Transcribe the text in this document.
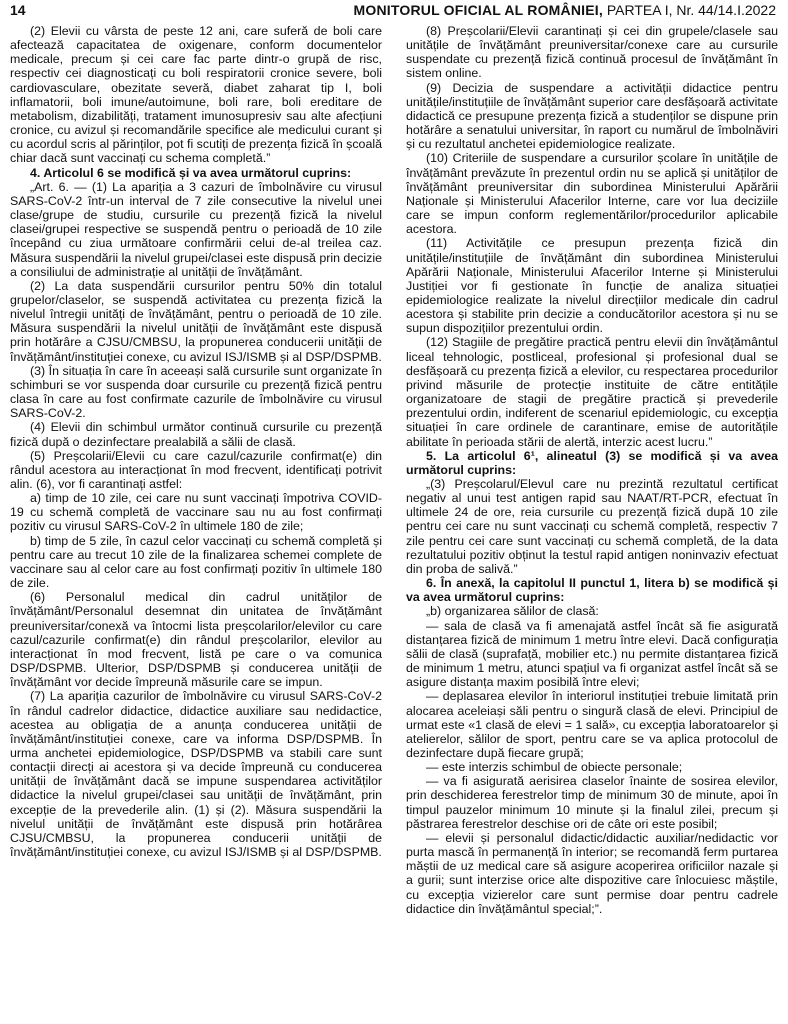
14	MONITORUL OFICIAL AL ROMÂNIEI, PARTEA I, Nr. 44/14.I.2022

(2) Elevii cu vârsta de peste 12 ani, care suferă de boli care afectează capacitatea de oxigenare, conform documentelor medicale, precum și cei care fac parte dintr-o grupă de risc, respectiv cei diagnosticați cu boli respiratorii cronice severe, boli cardiovasculare, obezitate severă, diabet zaharat tip I, boli inflamatorii, boli imune/autoimune, boli rare, boli ereditare de metabolism, dizabilități, tratament imunosupresiv sau alte afecțiuni cronice, cu avizul și recomandările specifice ale medicului curant și cu acordul scris al părinților, pot fi scutiți de prezența fizică în școală chiar dacă sunt vaccinați cu schema completă.”

4. Articolul 6 se modifică și va avea următorul cuprins:

„Art. 6. — (1) La apariția a 3 cazuri de îmbolnăvire cu virusul SARS-CoV-2 într-un interval de 7 zile consecutive la nivelul unei clase/grupe de studiu, cursurile cu prezență fizică la nivelul clasei/grupei respective se suspendă pentru o perioadă de 10 zile începând cu ziua următoare confirmării celui de-al treilea caz. Măsura suspendării la nivelul grupei/clasei este dispusă prin decizie a consiliului de administrație al unității de învățământ.

(2) La data suspendării cursurilor pentru 50% din totalul grupelor/claselor, se suspendă activitatea cu prezența fizică la nivelul întregii unități de învățământ, pentru o perioadă de 10 zile. Măsura suspendării la nivelul unității de învățământ este dispusă prin hotărâre a CJSU/CMBSU, la propunerea conducerii unității de învățământ/instituției conexe, cu avizul ISJ/ISMB și al DSP/DSPMB.

(3) În situația în care în aceeași sală cursurile sunt organizate în schimburi se vor suspenda doar cursurile cu prezență fizică pentru clasa în care au fost confirmate cazurile de îmbolnăvire cu virusul SARS-CoV-2.

(4) Elevii din schimbul următor continuă cursurile cu prezență fizică după o dezinfectare prealabilă a sălii de clasă.

(5) Preșcolarii/Elevii cu care cazul/cazurile confirmat(e) din rândul acestora au interacționat în mod frecvent, identificați potrivit alin. (6), vor fi carantinați astfel:

a) timp de 10 zile, cei care nu sunt vaccinați împotriva COVID-19 cu schemă completă de vaccinare sau nu au fost confirmați pozitiv cu virusul SARS-CoV-2 în ultimele 180 de zile;

b) timp de 5 zile, în cazul celor vaccinați cu schemă completă și pentru care au trecut 10 zile de la finalizarea schemei complete de vaccinare sau al celor care au fost confirmați pozitiv în ultimele 180 de zile.

(6) Personalul medical din cadrul unităților de învățământ/Personalul desemnat din unitatea de învățământ preuniversitar/conexă va întocmi lista preșcolarilor/elevilor cu care cazul/cazurile confirmat(e) din rândul preșcolarilor, elevilor au interacționat în mod frecvent, listă pe care o va comunica DSP/DSPMB. Ulterior, DSP/DSPMB și conducerea unității de învățământ vor decide împreună măsurile care se impun.

(7) La apariția cazurilor de îmbolnăvire cu virusul SARS-CoV-2 în rândul cadrelor didactice, didactice auxiliare sau nedidactice, acestea au obligația de a anunța conducerea unității de învățământ/instituției conexe, care va informa DSP/DSPMB. În urma anchetei epidemiologice, DSP/DSPMB va stabili care sunt contacții direcți ai acestora și va decide împreună cu conducerea unității de învățământ dacă se impune suspendarea activităților didactice la nivelul grupei/clasei sau unității de învățământ, prin excepție de la prevederile alin. (1) și (2). Măsura suspendării la nivelul unității de învățământ este dispusă prin hotărârea CJSU/CMBSU, la propunerea conducerii unității de învățământ/instituției conexe, cu avizul ISJ/ISMB și al DSP/DSPMB.

(8) Preșcolarii/Elevii carantinați și cei din grupele/clasele sau unitățile de învățământ preuniversitar/conexe care au cursurile suspendate cu prezență fizică continuă procesul de învățământ în sistem online.

(9) Decizia de suspendare a activității didactice pentru unitățile/instituțiile de învățământ superior care desfășoară activitate didactică ce presupune prezența fizică a studenților se dispune prin hotărâre a senatului universitar, în raport cu numărul de îmbolnăviri și cu rezultatul anchetei epidemiologice realizate.

(10) Criteriile de suspendare a cursurilor școlare în unitățile de învățământ prevăzute în prezentul ordin nu se aplică și unităților de învățământ preuniversitar din subordinea Ministerului Apărării Naționale și Ministerului Afacerilor Interne, care vor lua deciziile care se impun conform reglementărilor/procedurilor aplicabile acestora.

(11) Activitățile ce presupun prezența fizică din unitățile/instituțiile de învățământ din subordinea Ministerului Apărării Naționale, Ministerului Afacerilor Interne și Ministerului Justiției vor fi gestionate în funcție de analiza situației epidemiologice realizate la nivelul direcțiilor medicale din cadrul acestora și stabilite prin decizie a conducătorilor acestora și nu se supun dispozițiilor prezentului ordin.

(12) Stagiile de pregătire practică pentru elevii din învățământul liceal tehnologic, postliceal, profesional și profesional dual se desfășoară cu prezența fizică a elevilor, cu respectarea procedurilor privind măsurile de protecție instituite de către entitățile organizatoare de stagii de pregătire practică și prevederile prezentului ordin, indiferent de scenariul epidemiologic, cu excepția situației în care ordinele de carantinare, emise de autoritățile abilitate în perioada stării de alertă, interzic acest lucru.”

5. La articolul 6¹, alineatul (3) se modifică și va avea următorul cuprins:

„(3) Preșcolarul/Elevul care nu prezintă rezultatul certificat negativ al unui test antigen rapid sau NAAT/RT-PCR, efectuat în ultimele 24 de ore, reia cursurile cu prezență fizică după 10 zile pentru cei care nu sunt vaccinați cu schemă completă, respectiv 7 zile pentru cei care sunt vaccinați cu schemă completă, de la data rezultatului pozitiv obținut la testul rapid antigen noninvaziv efectuat din proba de salivă.”

6. În anexă, la capitolul II punctul 1, litera b) se modifică și va avea următorul cuprins:

„b) organizarea sălilor de clasă:

— sala de clasă va fi amenajată astfel încât să fie asigurată distanțarea fizică de minimum 1 metru între elevi. Dacă configurația sălii de clasă (suprafață, mobilier etc.) nu permite distanțarea fizică de minimum 1 metru, atunci spațiul va fi organizat astfel încât să se asigure distanța maxim posibilă între elevi;

— deplasarea elevilor în interiorul instituției trebuie limitată prin alocarea aceleiași săli pentru o singură clasă de elevi. Principiul de urmat este «1 clasă de elevi = 1 sală», cu excepția laboratoarelor și atelierelor, sălilor de sport, pentru care se va aplica protocolul de dezinfectare după fiecare grupă;

— este interzis schimbul de obiecte personale;

— va fi asigurată aerisirea claselor înainte de sosirea elevilor, prin deschiderea ferestrelor timp de minimum 30 de minute, apoi în timpul pauzelor minimum 10 minute și la finalul zilei, precum și păstrarea ferestrelor deschise ori de câte ori este posibil;

— elevii și personalul didactic/didactic auxiliar/nedidactic vor purta mască în permanență în interior; se recomandă ferm purtarea măștii de uz medical care să asigure acoperirea orificiilor nazale și a gurii; sunt interzise orice alte dispozitive care înlocuiesc măștile, cu excepția vizierelor care sunt permise doar pentru cadrele didactice din învățământul special;”.
